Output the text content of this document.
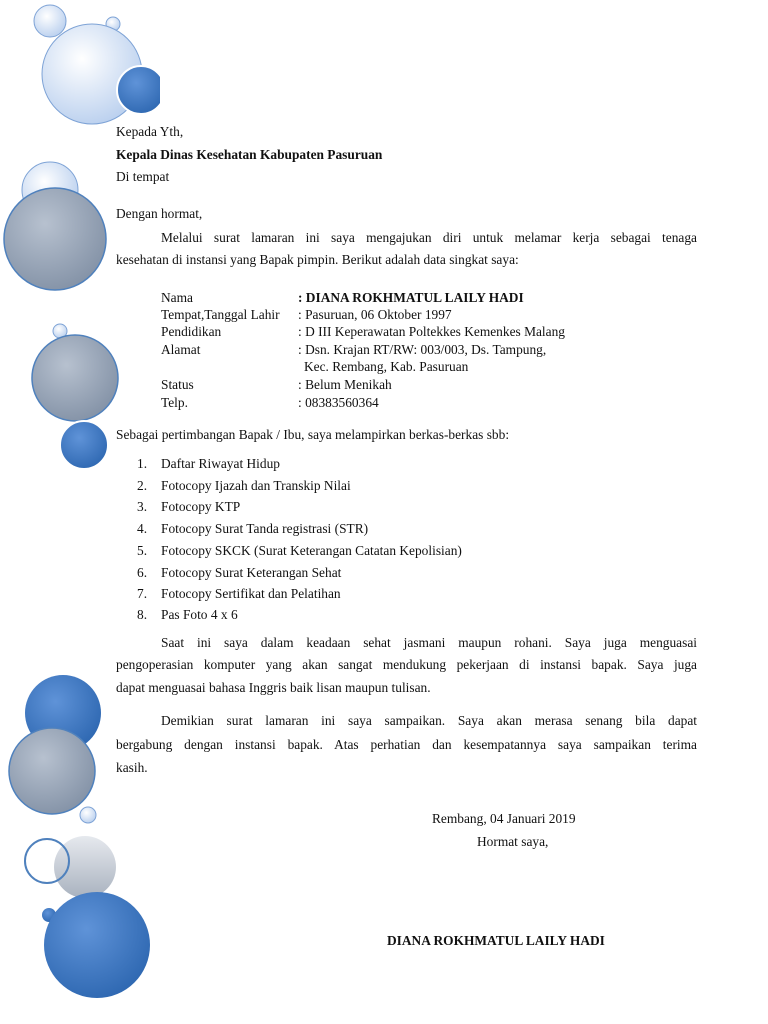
Kepada Yth,
Kepala Dinas Kesehatan Kabupaten Pasuruan
Di tempat
Dengan hormat,
Melalui surat lamaran ini saya mengajukan diri untuk melamar kerja sebagai tenaga
kesehatan di instansi yang Bapak pimpin. Berikut adalah data singkat saya:
Nama	: DIANA ROKHMATUL LAILY HADI
Tempat,Tanggal Lahir : Pasuruan, 06 Oktober 1997
Pendidikan	: D III Keperawatan Poltekkes Kemenkes Malang
Alamat	: Dsn. Krajan RT/RW: 003/003, Ds. Tampung,
Kec. Rembang, Kab. Pasuruan
Status	: Belum Menikah
Telp.	: 08383560364
Sebagai pertimbangan Bapak / Ibu, saya melampirkan berkas-berkas sbb:
1.	Daftar Riwayat Hidup
2.	Fotocopy Ijazah dan Transkip Nilai
3.	Fotocopy KTP
4.	Fotocopy Surat Tanda registrasi (STR)
5.	Fotocopy SKCK (Surat Keterangan Catatan Kepolisian)
6.	Fotocopy Surat Keterangan Sehat
7.	Fotocopy Sertifikat dan Pelatihan
8.	Pas Foto 4 x 6
Saat ini saya dalam keadaan sehat jasmani maupun rohani. Saya juga menguasai
pengoperasian komputer yang akan sangat mendukung pekerjaan di instansi bapak. Saya juga
dapat menguasai bahasa Inggris baik lisan maupun tulisan.
Demikian surat lamaran ini saya sampaikan. Saya akan merasa senang bila dapat
bergabung dengan instansi bapak. Atas perhatian dan kesempatannya saya sampaikan terima
kasih.
Rembang, 04 Januari 2019
Hormat saya,
DIANA ROKHMATUL LAILY HADI
